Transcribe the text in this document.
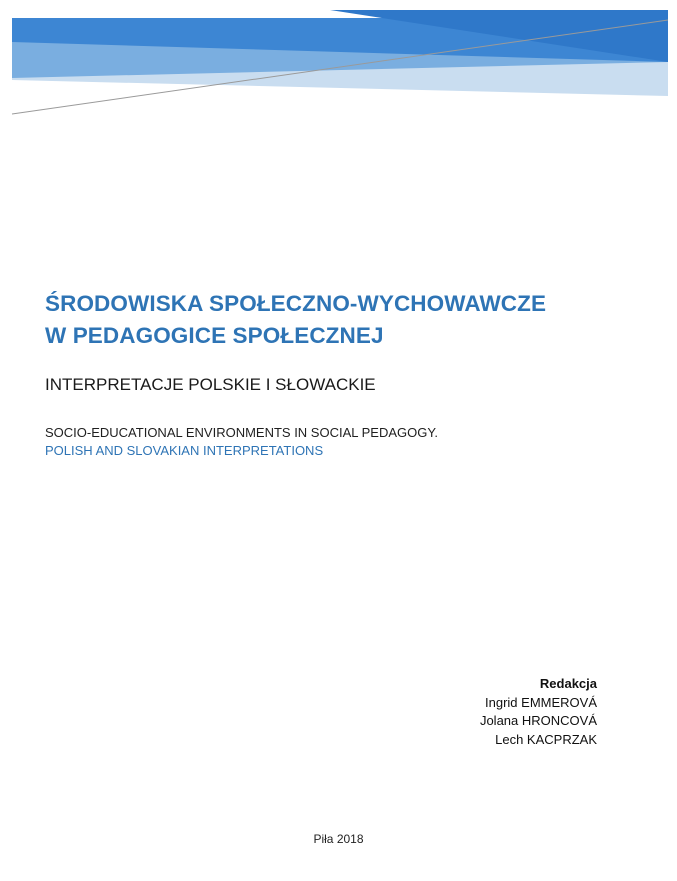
ŚRODOWISKA SPOŁECZNO-WYCHOWAWCZE
W PEDAGOGICE SPOŁECZNEJ
INTERPRETACJE POLSKIE I SŁOWACKIE
SOCIO-EDUCATIONAL ENVIRONMENTS IN SOCIAL PEDAGOGY.
POLISH AND SLOVAKIAN INTERPRETATIONS
Redakcja
Ingrid EMMEROVÁ
Jolana HRONCOVÁ
Lech KACPRZAK
Piła 2018
